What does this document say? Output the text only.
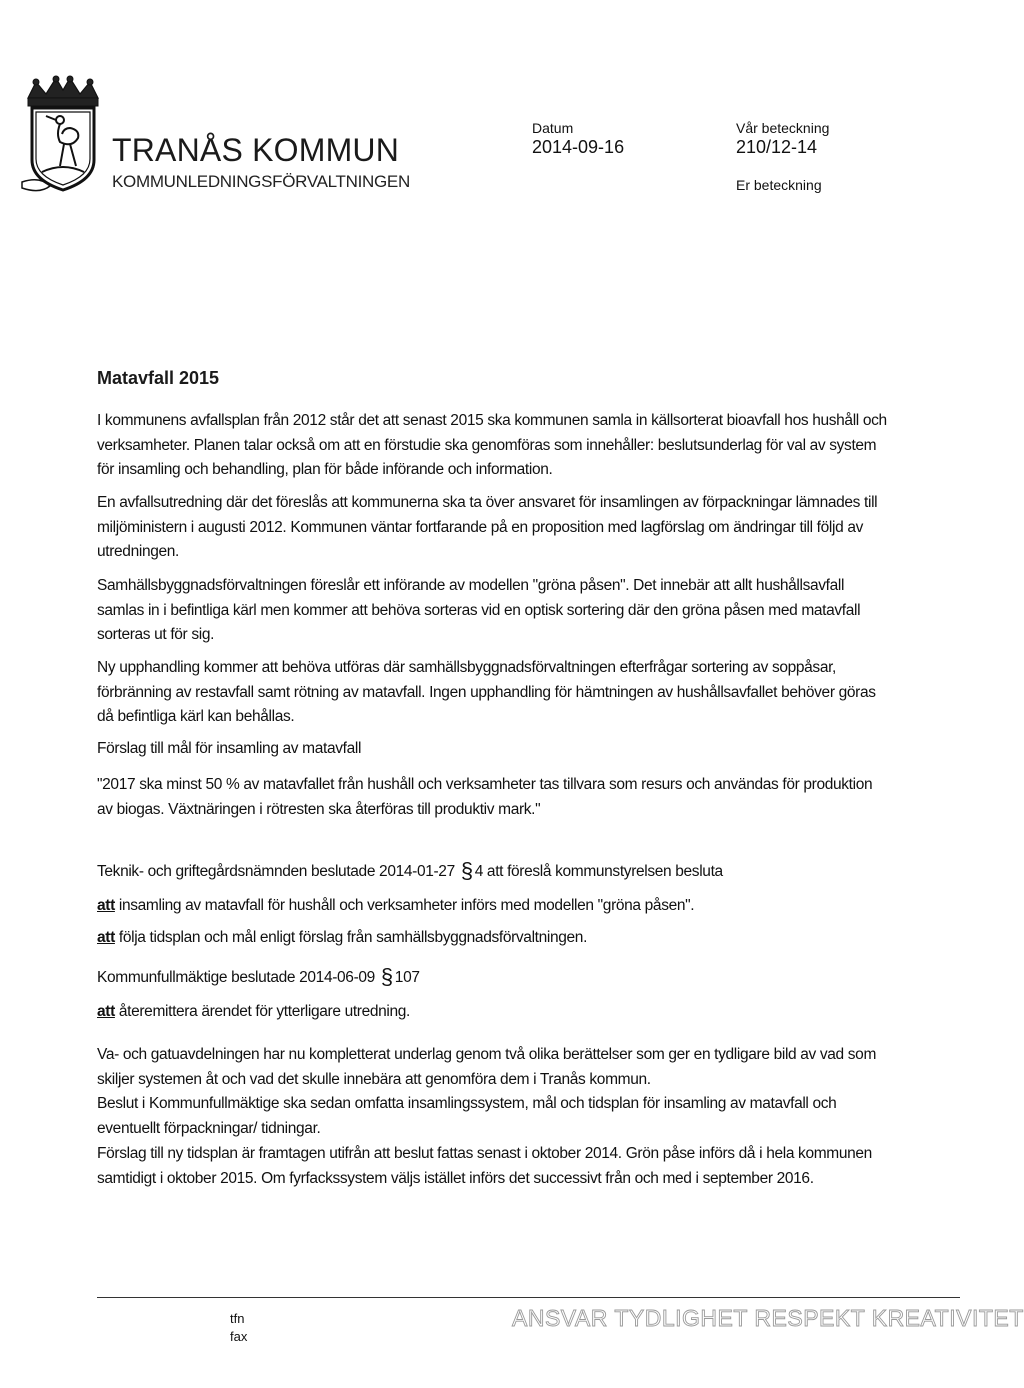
TRANÅS KOMMUN
KOMMUNLEDNINGSFÖRVALTNINGEN
Datum
2014-09-16
Vår beteckning
210/12-14
Er beteckning
Matavfall 2015
I kommunens avfallsplan från 2012 står det att senast 2015 ska kommunen samla in källsorterat bioavfall hos hushåll och verksamheter. Planen talar också om att en förstudie ska genomföras som innehåller: beslutsunderlag för val av system för insamling och behandling, plan för både införande och information.
En avfallsutredning där det föreslås att kommunerna ska ta över ansvaret för insamlingen av förpackningar lämnades till miljöministern i augusti 2012. Kommunen väntar fortfarande på en proposition med lagförslag om ändringar till följd av utredningen.
Samhällsbyggnadsförvaltningen föreslår ett införande av modellen "gröna påsen". Det innebär att allt hushållsavfall samlas in i befintliga kärl men kommer att behöva sorteras vid en optisk sortering där den gröna påsen med matavfall sorteras ut för sig.
Ny upphandling kommer att behöva utföras där samhällsbyggnadsförvaltningen efterfrågar sortering av soppåsar, förbränning av restavfall samt rötning av matavfall. Ingen upphandling för hämtningen av hushållsavfallet behöver göras då befintliga kärl kan behållas.
Förslag till mål för insamling av matavfall
"2017 ska minst 50 % av matavfallet från hushåll och verksamheter tas tillvara som resurs och användas för produktion av biogas. Växtnäringen i rötresten ska återföras till produktiv mark."
Teknik- och griftegårdsnämnden beslutade 2014-01-27 § 4 att föreslå kommunstyrelsen besluta
att insamling av matavfall för hushåll och verksamheter införs med modellen "gröna påsen".
att följa tidsplan och mål enligt förslag från samhällsbyggnadsförvaltningen.
Kommunfullmäktige beslutade 2014-06-09 § 107
att återemittera ärendet för ytterligare utredning.
Va- och gatuavdelningen har nu kompletterat underlag genom två olika berättelser som ger en tydligare bild av vad som skiljer systemen åt och vad det skulle innebära att genomföra dem i Tranås kommun.
Beslut i Kommunfullmäktige ska sedan omfatta insamlingssystem, mål och tidsplan för insamling av matavfall och eventuellt förpackningar/ tidningar.
Förslag till ny tidsplan är framtagen utifrån att beslut fattas senast i oktober 2014. Grön påse införs då i hela kommunen samtidigt i oktober 2015. Om fyrfackssystem väljs istället införs det successivt från och med i september 2016.
tfn
fax
ANSVAR TYDLIGHET RESPEKT KREATIVITET
